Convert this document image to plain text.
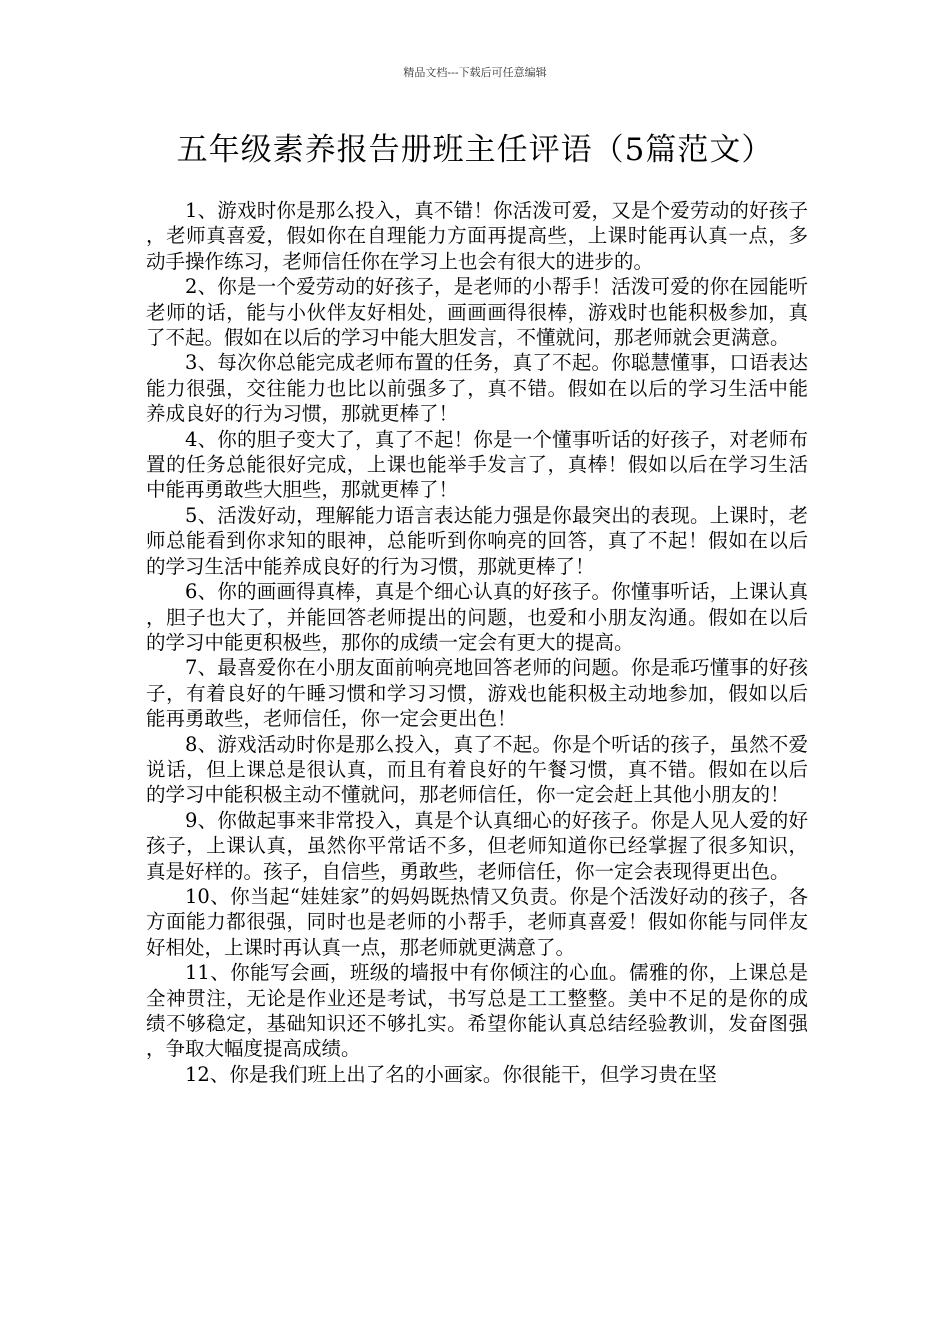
精品文档---下载后可任意编辑
五年级素养报告册班主任评语（5篇范文）

1、游戏时你是那么投入，真不错！你活泼可爱，又是个爱劳动的好孩子，老师真喜爱，假如你在自理能力方面再提高些，上课时能再认真一点，多动手操作练习，老师信任你在学习上也会有很大的进步的。

2、你是一个爱劳动的好孩子，是老师的小帮手！活泼可爱的你在园能听老师的话，能与小伙伴友好相处，画画画得很棒，游戏时也能积极参加，真了不起。假如在以后的学习中能大胆发言，不懂就问，那老师就会更满意。

3、每次你总能完成老师布置的任务，真了不起。你聪慧懂事，口语表达能力很强，交往能力也比以前强多了，真不错。假如在以后的学习生活中能养成良好的行为习惯，那就更棒了！

4、你的胆子变大了，真了不起！你是一个懂事听话的好孩子，对老师布置的任务总能很好完成，上课也能举手发言了，真棒！假如以后在学习生活中能再勇敢些大胆些，那就更棒了！

5、活泼好动，理解能力语言表达能力强是你最突出的表现。上课时，老师总能看到你求知的眼神，总能听到你响亮的回答，真了不起！假如在以后的学习生活中能养成良好的行为习惯，那就更棒了！

6、你的画画得真棒，真是个细心认真的好孩子。你懂事听话，上课认真，胆子也大了，并能回答老师提出的问题，也爱和小朋友沟通。假如在以后的学习中能更积极些，那你的成绩一定会有更大的提高。

7、最喜爱你在小朋友面前响亮地回答老师的问题。你是乖巧懂事的好孩子，有着良好的午睡习惯和学习习惯，游戏也能积极主动地参加，假如以后能再勇敢些，老师信任，你一定会更出色！

8、游戏活动时你是那么投入，真了不起。你是个听话的孩子，虽然不爱说话，但上课总是很认真，而且有着良好的午餐习惯，真不错。假如在以后的学习中能积极主动不懂就问，那老师信任，你一定会赶上其他小朋友的！

9、你做起事来非常投入，真是个认真细心的好孩子。你是人见人爱的好孩子，上课认真，虽然你平常话不多，但老师知道你已经掌握了很多知识，真是好样的。孩子，自信些，勇敢些，老师信任，你一定会表现得更出色。

10、你当起“娃娃家”的妈妈既热情又负责。你是个活泼好动的孩子，各方面能力都很强，同时也是老师的小帮手，老师真喜爱！假如你能与同伴友好相处，上课时再认真一点，那老师就更满意了。

11、你能写会画，班级的墙报中有你倾注的心血。儒雅的你，上课总是全神贯注，无论是作业还是考试，书写总是工工整整。美中不足的是你的成绩不够稳定，基础知识还不够扎实。希望你能认真总结经验教训，发奋图强，争取大幅度提高成绩。

12、你是我们班上出了名的小画家。你很能干，但学习贵在坚
